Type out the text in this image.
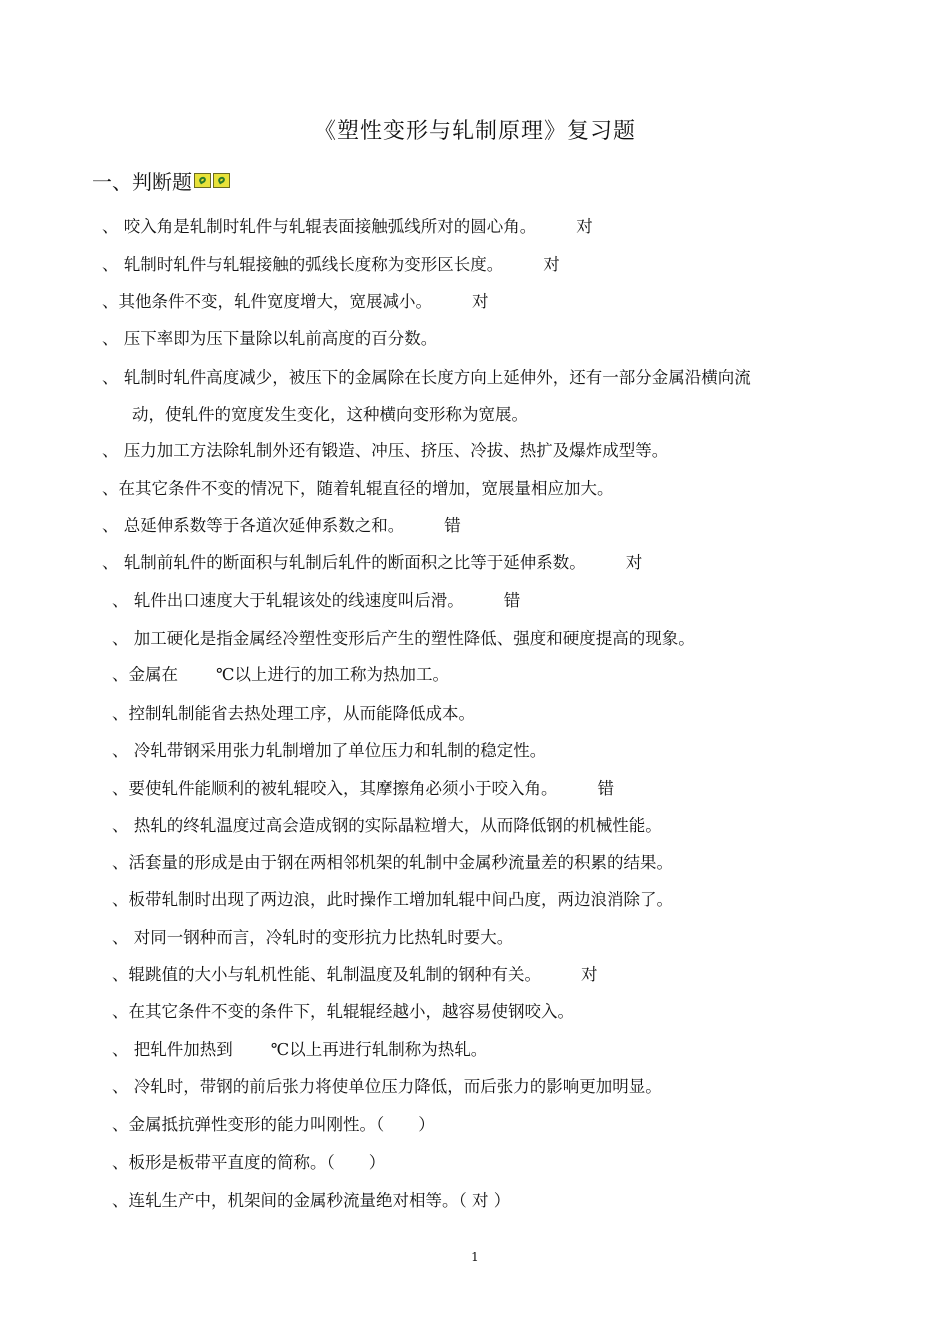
《塑性变形与轧制原理》复习题
一、判断题
、 咬入角是轧制时轧件与轧辊表面接触弧线所对的圆心角。 对
、 轧制时轧件与轧辊接触的弧线长度称为变形区长度。 对
、其他条件不变，轧件宽度增大，宽展减小。 对
、 压下率即为压下量除以轧前高度的百分数。
、 轧制时轧件高度减少，被压下的金属除在长度方向上延伸外，还有一部分金属沿横向流
动，使轧件的宽度发生变化，这种横向变形称为宽展。
、 压力加工方法除轧制外还有锻造、冲压、挤压、冷拔、热扩及爆炸成型等。
、在其它条件不变的情况下，随着轧辊直径的增加，宽展量相应加大。
、 总延伸系数等于各道次延伸系数之和。 错
、 轧制前轧件的断面积与轧制后轧件的断面积之比等于延伸系数。 对
、 轧件出口速度大于轧辊该处的线速度叫后滑。 错
、 加工硬化是指金属经冷塑性变形后产生的塑性降低、强度和硬度提高的现象。
、金属在 ℃以上进行的加工称为热加工。
、控制轧制能省去热处理工序，从而能降低成本。
、 冷轧带钢采用张力轧制增加了单位压力和轧制的稳定性。
、要使轧件能顺利的被轧辊咬入，其摩擦角必须小于咬入角。 错
、 热轧的终轧温度过高会造成钢的实际晶粒增大，从而降低钢的机械性能。
、活套量的形成是由于钢在两相邻机架的轧制中金属秒流量差的积累的结果。
、板带轧制时出现了两边浪，此时操作工增加轧辊中间凸度，两边浪消除了。
、 对同一钢种而言，冷轧时的变形抗力比热轧时要大。
、辊跳值的大小与轧机性能、轧制温度及轧制的钢种有关。 对
、在其它条件不变的条件下，轧辊辊经越小，越容易使钢咬入。
、 把轧件加热到 ℃以上再进行轧制称为热轧。
、 冷轧时，带钢的前后张力将使单位压力降低，而后张力的影响更加明显。
、金属抵抗弹性变形的能力叫刚性。（ ）
、板形是板带平直度的简称。（ ）
、连轧生产中，机架间的金属秒流量绝对相等。（ 对 ）
1
